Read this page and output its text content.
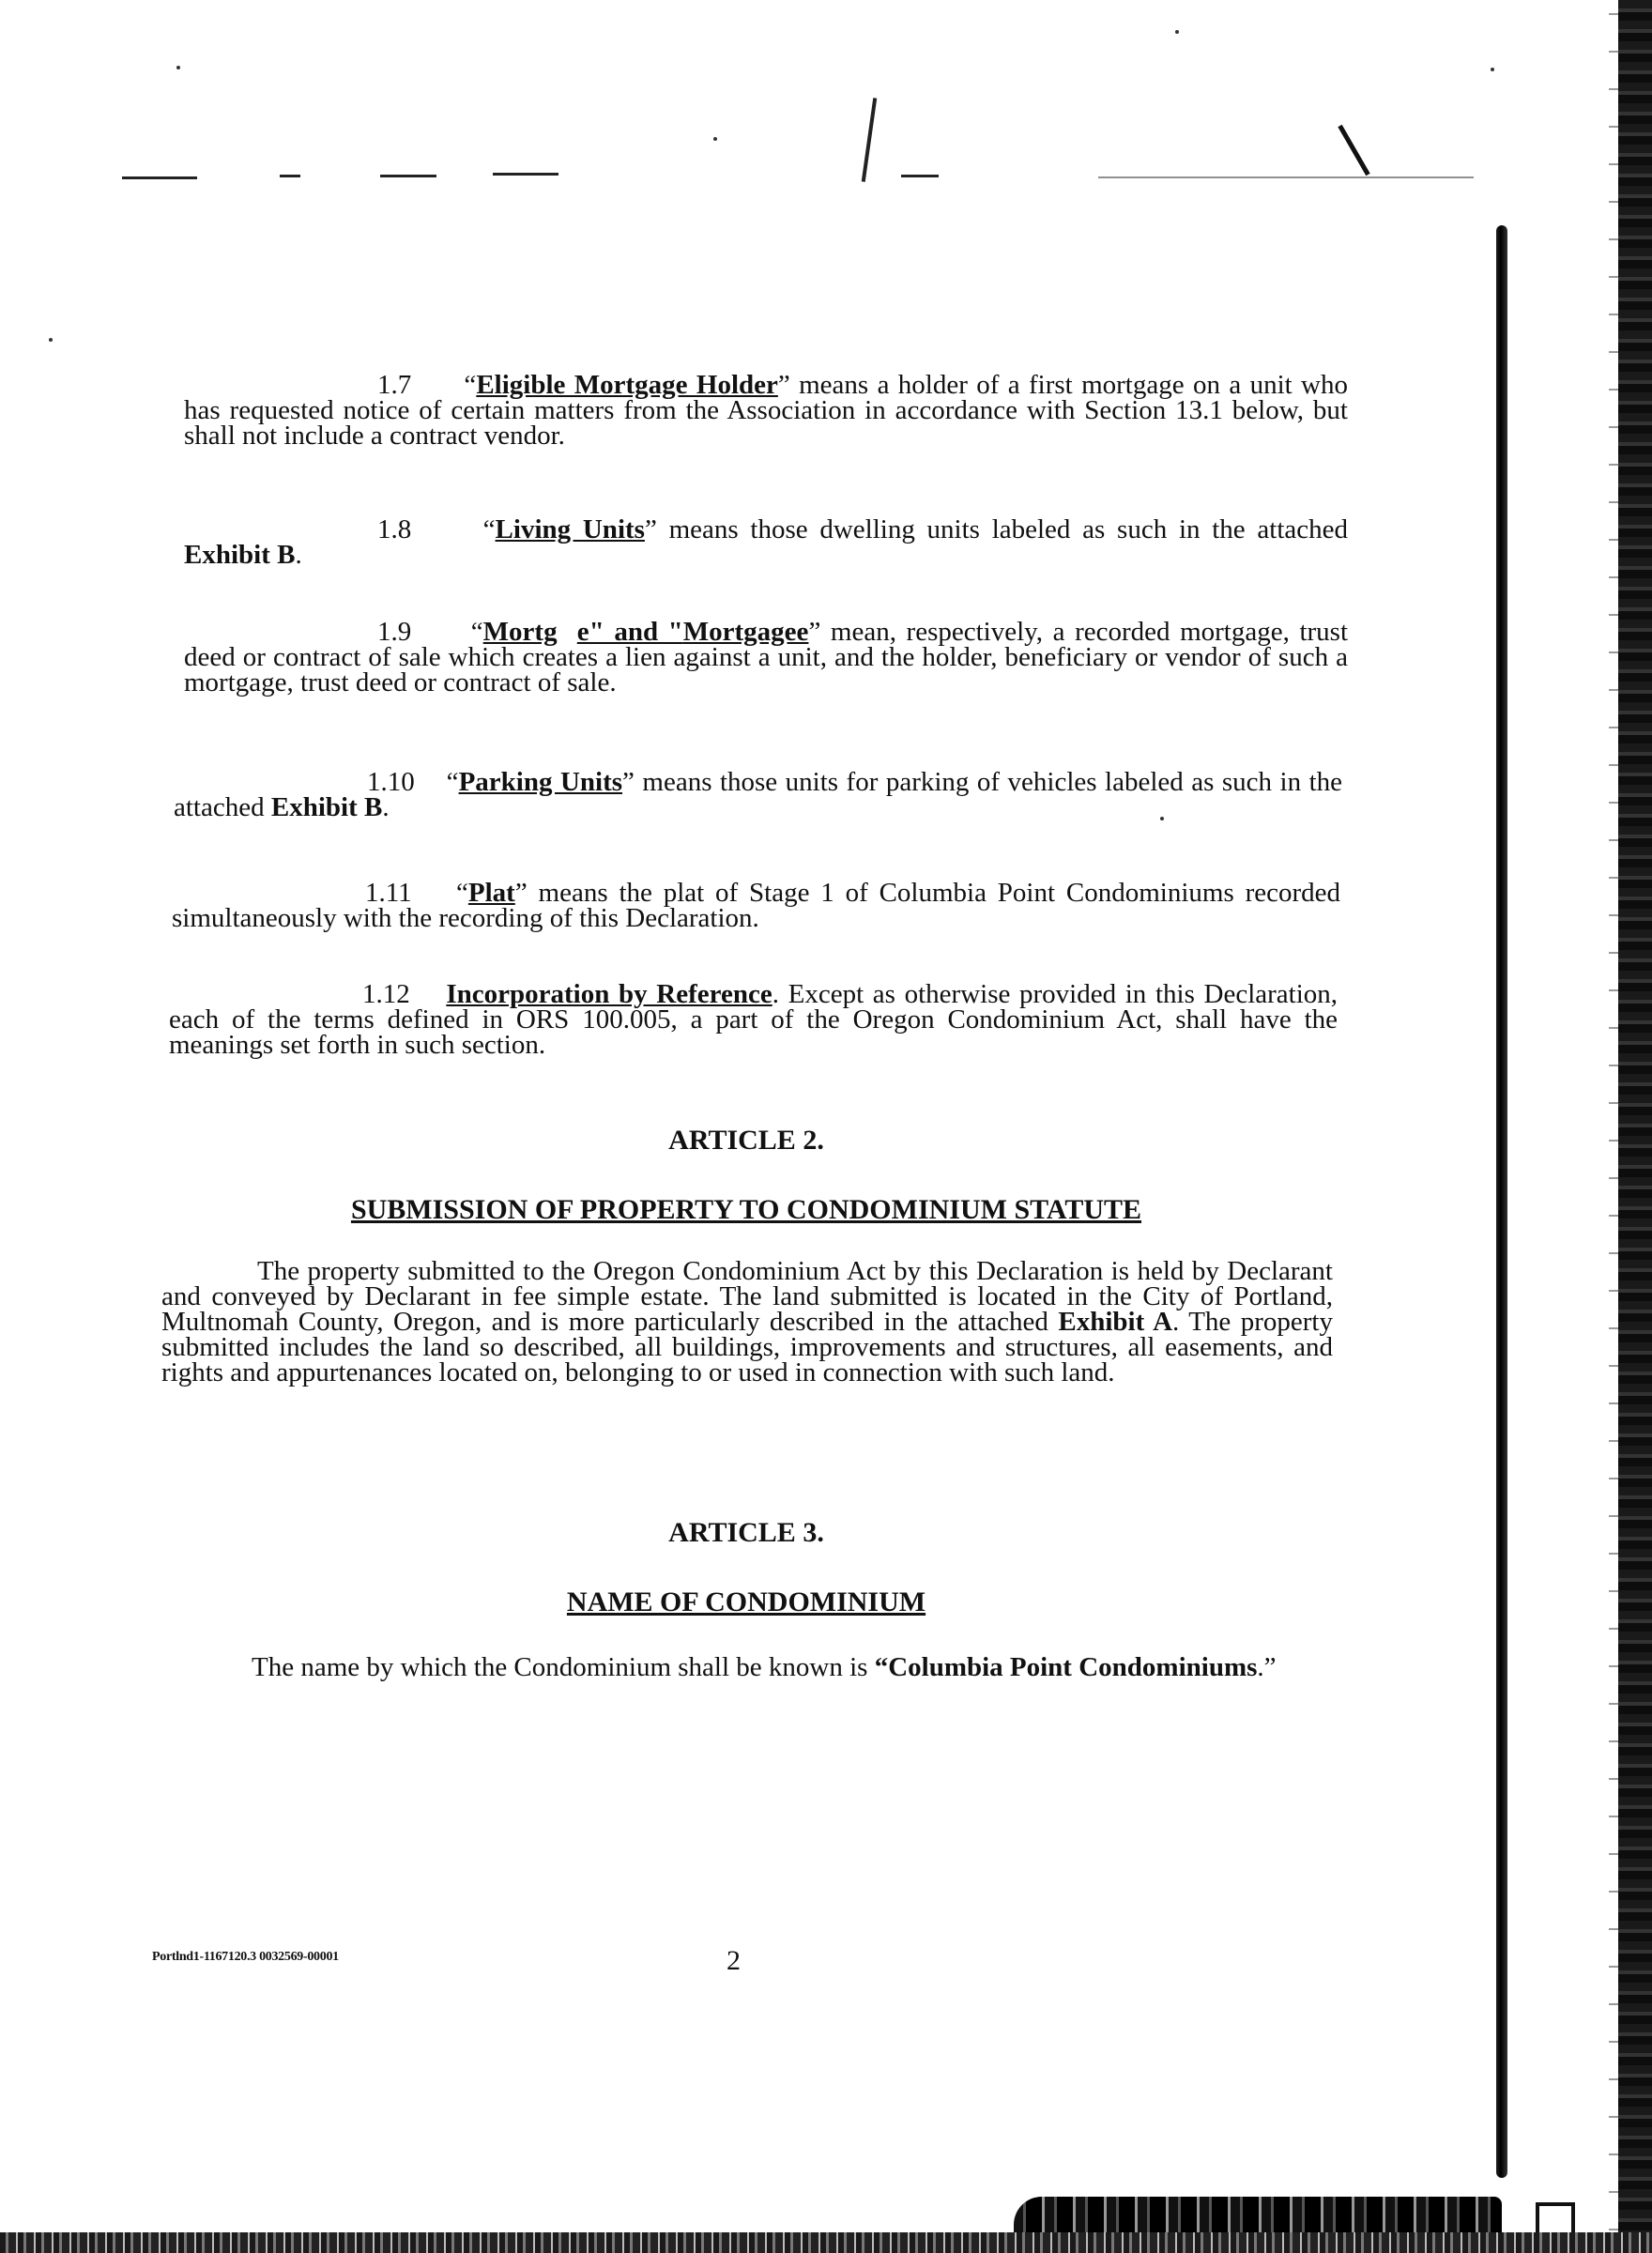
1.7      “Eligible Mortgage Holder” means a holder of a first mortgage on a unit who has requested notice of certain matters from the Association in accordance with Section 13.1 below, but shall not include a contract vendor.
1.8      “Living Units” means those dwelling units labeled as such in the attached Exhibit B.
1.9      “Mortg e" and "Mortgagee” mean, respectively, a recorded mortgage, trust deed or contract of sale which creates a lien against a unit, and the holder, beneficiary or vendor of such a mortgage, trust deed or contract of sale.
1.10    “Parking Units” means those units for parking of vehicles labeled as such in the attached Exhibit B.
1.11    “Plat” means the plat of Stage 1 of Columbia Point Condominiums recorded simultaneously with the recording of this Declaration.
1.12 Incorporation by Reference. Except as otherwise provided in this Declaration, each of the terms defined in ORS 100.005, a part of the Oregon Condominium Act, shall have the meanings set forth in such section.
ARTICLE 2.
SUBMISSION OF PROPERTY TO CONDOMINIUM STATUTE
The property submitted to the Oregon Condominium Act by this Declaration is held by Declarant and conveyed by Declarant in fee simple estate. The land submitted is located in the City of Portland, Multnomah County, Oregon, and is more particularly described in the attached Exhibit A. The property submitted includes the land so described, all buildings, improvements and structures, all easements, and rights and appurtenances located on, belonging to or used in connection with such land.
ARTICLE 3.
NAME OF CONDOMINIUM
The name by which the Condominium shall be known is “Columbia Point Condominiums.”
Portlnd1-1167120.3 0032569-00001	2
